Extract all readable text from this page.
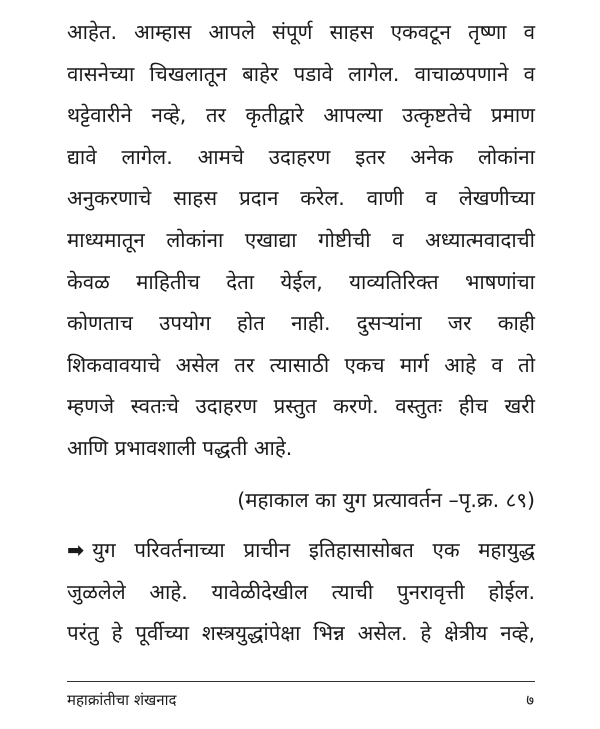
आहेत. आम्हास आपले संपूर्ण साहस एकवटून तृष्णा व
वासनेच्या चिखलातून बाहेर पडावे लागेल. वाचाळपणाने व
थट्टेवारीने नव्हे, तर कृतीद्वारे आपल्या उत्कृष्टतेचे प्रमाण
द्यावे लागेल. आमचे उदाहरण इतर अनेक लोकांना
अनुकरणाचे साहस प्रदान करेल. वाणी व लेखणीच्या
माध्यमातून लोकांना एखाद्या गोष्टीची व अध्यात्मवादाची
केवळ माहितीच देता येईल, याव्यतिरिक्त भाषणांचा
कोणताच उपयोग होत नाही. दुसऱ्यांना जर काही
शिकवावयाचे असेल तर त्यासाठी एकच मार्ग आहे व तो
म्हणजे स्वतःचे उदाहरण प्रस्तुत करणे. वस्तुतः हीच खरी
आणि प्रभावशाली पद्धती आहे.
(महाकाल का युग प्रत्यावर्तन –पृ.क्र. ८९)
➡ युग परिवर्तनाच्या प्राचीन इतिहासासोबत एक महायुद्ध
जुळलेले आहे. यावेळीदेखील त्याची पुनरावृत्ती होईल.
परंतु हे पूर्वीच्या शस्त्रयुद्धांपेक्षा भिन्न असेल. हे क्षेत्रीय नव्हे,
महाक्रांतीचा शंखनाद	७
